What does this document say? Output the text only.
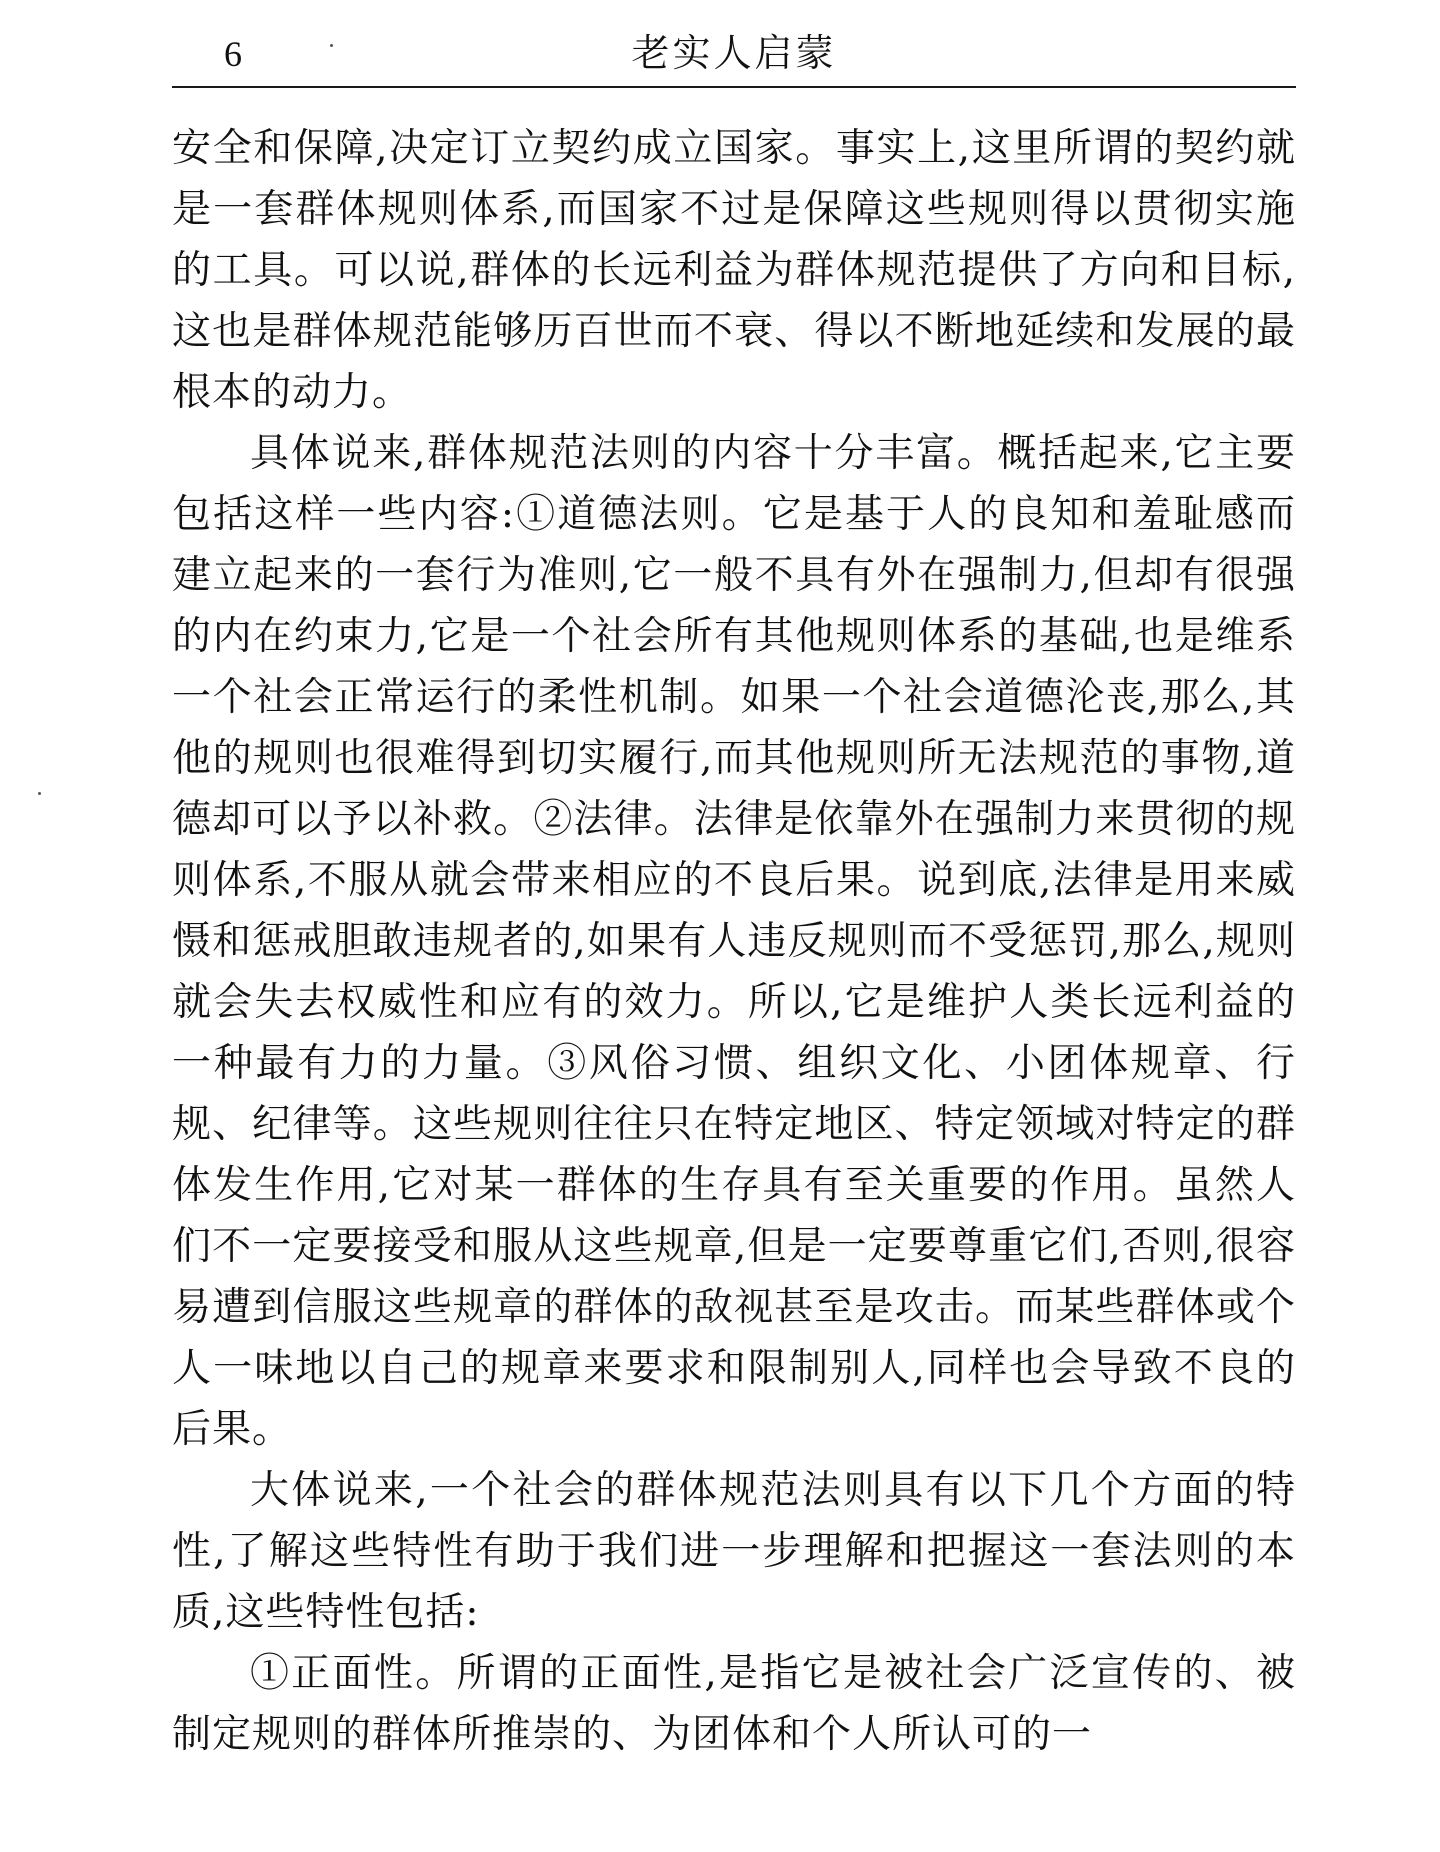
6	老实人启蒙

安全和保障,决定订立契约成立国家。事实上,这里所谓的契约就是一套群体规则体系,而国家不过是保障这些规则得以贯彻实施的工具。可以说,群体的长远利益为群体规范提供了方向和目标,这也是群体规范能够历百世而不衰、得以不断地延续和发展的最根本的动力。

具体说来,群体规范法则的内容十分丰富。概括起来,它主要包括这样一些内容:①道德法则。它是基于人的良知和羞耻感而建立起来的一套行为准则,它一般不具有外在强制力,但却有很强的内在约束力,它是一个社会所有其他规则体系的基础,也是维系一个社会正常运行的柔性机制。如果一个社会道德沦丧,那么,其他的规则也很难得到切实履行,而其他规则所无法规范的事物,道德却可以予以补救。②法律。法律是依靠外在强制力来贯彻的规则体系,不服从就会带来相应的不良后果。说到底,法律是用来威慑和惩戒胆敢违规者的,如果有人违反规则而不受惩罚,那么,规则就会失去权威性和应有的效力。所以,它是维护人类长远利益的一种最有力的力量。③风俗习惯、组织文化、小团体规章、行规、纪律等。这些规则往往只在特定地区、特定领域对特定的群体发生作用,它对某一群体的生存具有至关重要的作用。虽然人们不一定要接受和服从这些规章,但是一定要尊重它们,否则,很容易遭到信服这些规章的群体的敌视甚至是攻击。而某些群体或个人一味地以自己的规章来要求和限制别人,同样也会导致不良的后果。

大体说来,一个社会的群体规范法则具有以下几个方面的特性,了解这些特性有助于我们进一步理解和把握这一套法则的本质,这些特性包括:

①正面性。所谓的正面性,是指它是被社会广泛宣传的、被制定规则的群体所推崇的、为团体和个人所认可的一
